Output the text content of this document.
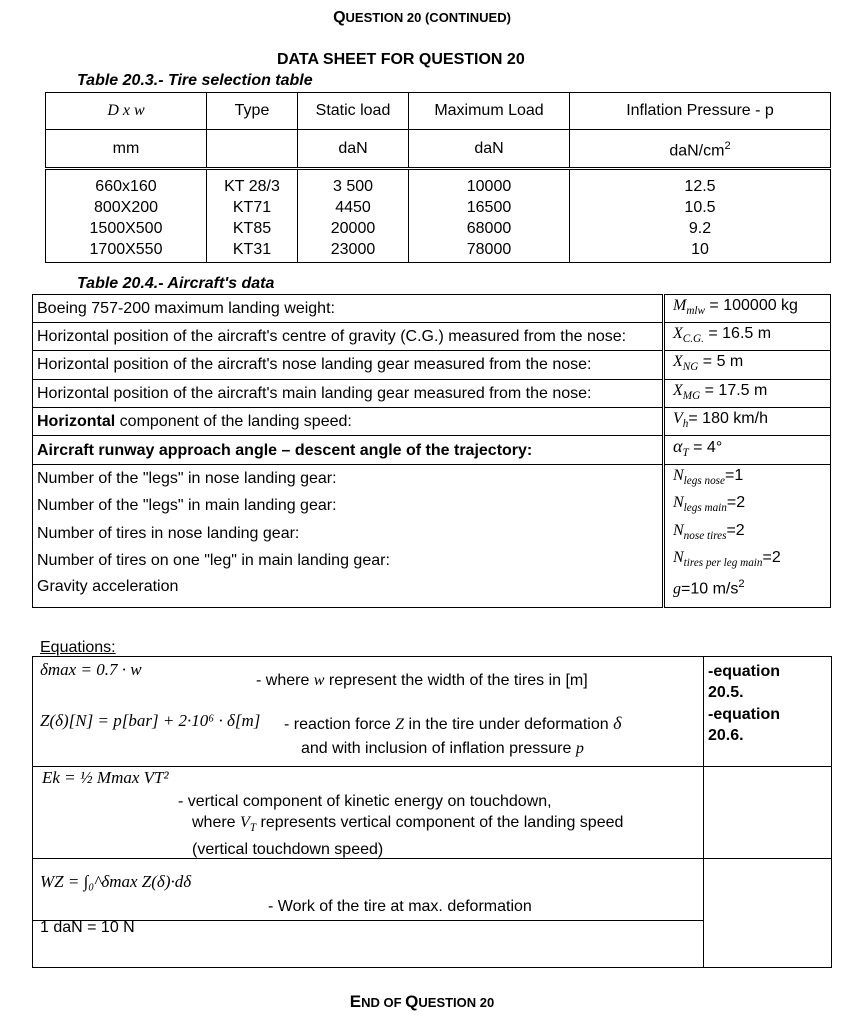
QUESTION 20 (CONTINUED)
DATA SHEET FOR QUESTION 20
Table 20.3.- Tire selection table
D x w	Type	Static load	Maximum Load	Inflation Pressure - p
mm		daN	daN	daN/$cm^2$
660x160	KT 28/3	3 500	10000	12.5
800X200	KT71	4450	16500	10.5
1500X500	KT85	20000	68000	9.2
1700X550	KT31	23000	78000	10
Table 20.4.- Aircraft's data
Boeing 757-200 maximum landing weight:	$M_{mlw} = 100000$ kg
Horizontal position of the aircraft's centre of gravity (C.G.) measured from the nose:	$X_{C.G.} = 16.5$ m
Horizontal position of the aircraft's nose landing gear measured from the nose:	$X_{NG} = 5$ m
Horizontal position of the aircraft's main landing gear measured from the nose:	$X_{MG} = 17.5$ m
Horizontal component of the landing speed:	$V_h= 180$ km/h
Aircraft runway approach angle – descent angle of the trajectory:	$\alpha_T = 4^\circ$
Number of the "legs" in nose landing gear:	$N_{legs nose}=1$
Number of the "legs" in main landing gear:	$N_{legs main}=2$
Number of tires in nose landing gear:	$N_{nose tires}=2$
Number of tires on one "leg" in main landing gear:	$N_{tires per leg main}=2$
Gravity acceleration	g=10 $m/s^2$
Equations:
δmax = 0.7 · w
- where w represent the width of the tires in [m]
-equation 20.5.
Z(δ)[N] = p[bar] + 2·10⁶ · δ[m] - reaction force Z in the tire under deformation δ
and with inclusion of inflation pressure p
-equation 20.6.
Ek = ½ Mmax VT²
- vertical component of kinetic energy on touchdown,
where $V_T$ represents vertical component of the landing speed
(vertical touchdown speed)
WZ = ∫₀^δmax Z(δ)·dδ
- Work of the tire at max. deformation
1 daN = 10 N
END OF QUESTION 20
